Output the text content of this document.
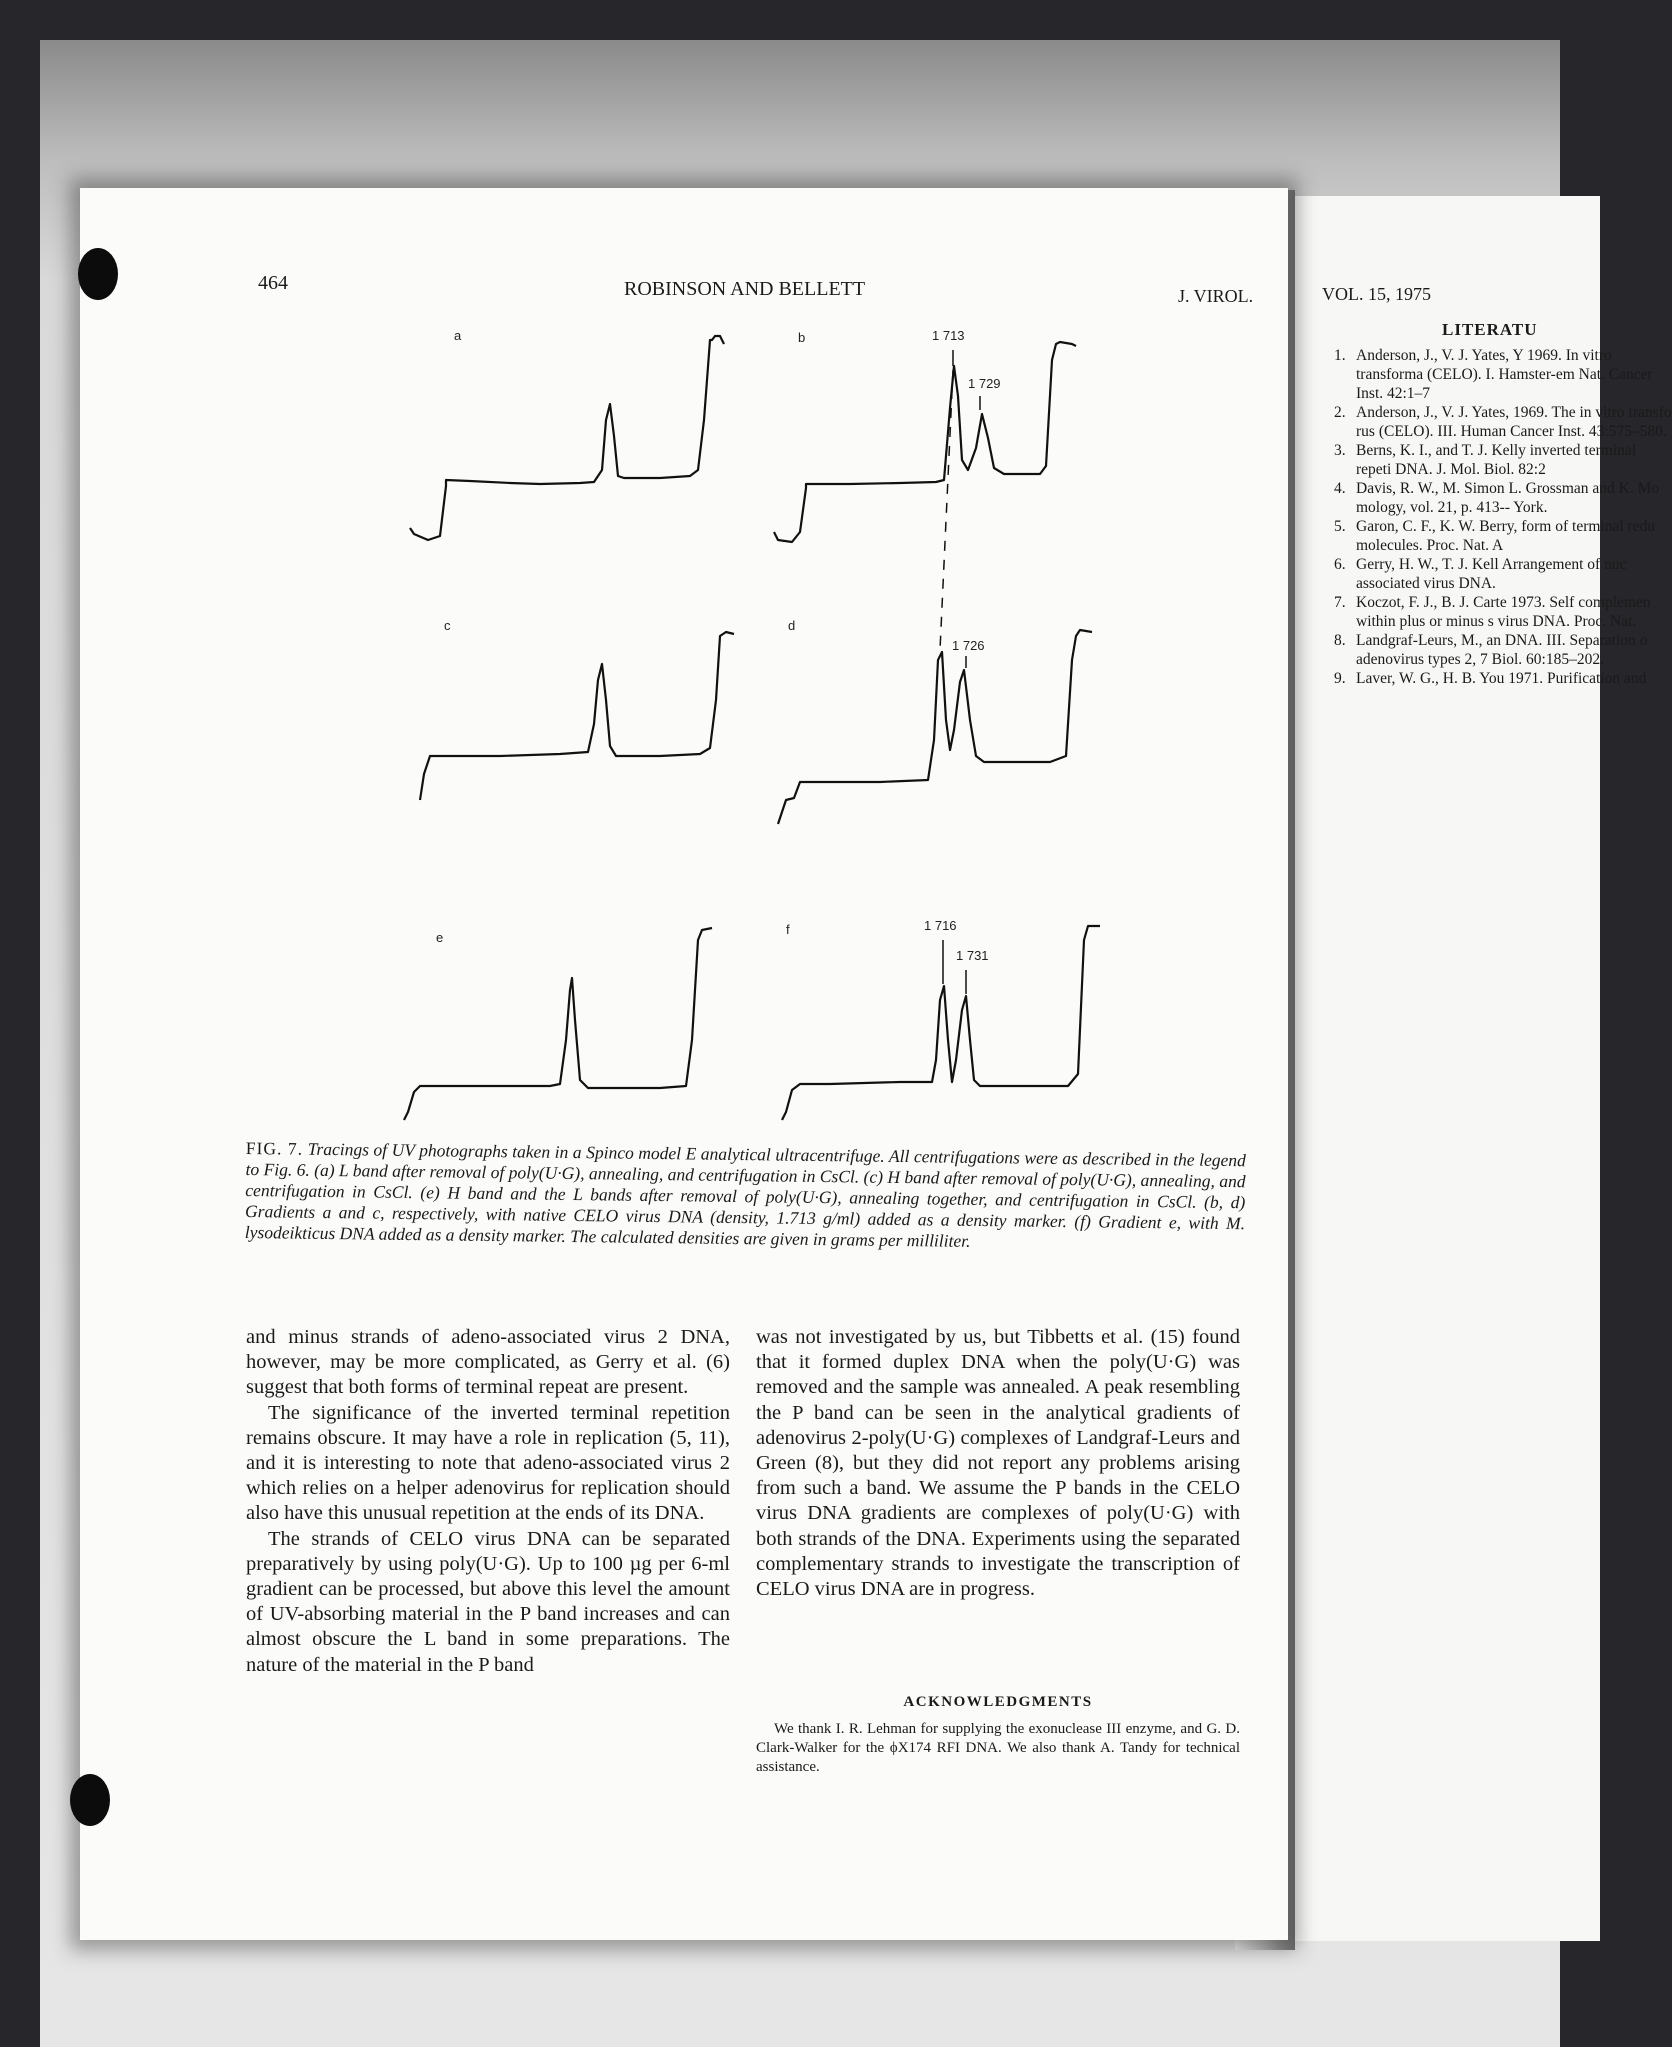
VOL. 15, 1975
LITERATU
1. Anderson, J., V. J. Yates, Y 1969. In vitro transforma (CELO). I. Hamster-em Nat. Cancer Inst. 42:1–7
2. Anderson, J., V. J. Yates, 1969. The in vitro transfo rus (CELO). III. Human Cancer Inst. 43:575–580.
3. Berns, K. I., and T. J. Kelly inverted terminal repeti DNA. J. Mol. Biol. 82:2
4. Davis, R. W., M. Simon L. Grossman and K. Mo mology, vol. 21, p. 413-- York.
5. Garon, C. F., K. W. Berry, form of terminal redu molecules. Proc. Nat. A
6. Gerry, H. W., T. J. Kell Arrangement of nuc associated virus DNA.
7. Koczot, F. J., B. J. Carte 1973. Self complemen within plus or minus s virus DNA. Proc. Nat.
8. Landgraf-Leurs, M., an DNA. III. Separation o adenovirus types 2, 7 Biol. 60:185–202.
9. Laver, W. G., H. B. You 1971. Purification and
464	ROBINSON AND BELLETT	J. VIROL.
a	b
c	d
e
f
1 713
1 729
1 726
1 716
1 731
FIG. 7. Tracings of UV photographs taken in a Spinco model E analytical ultracentrifuge. All centrifugations were as described in the legend to Fig. 6. (a) L band after removal of poly(U·G), annealing, and centrifugation in CsCl. (c) H band after removal of poly(U·G), annealing, and centrifugation in CsCl. (e) H band and the L bands after removal of poly(U·G), annealing together, and centrifugation in CsCl. (b, d) Gradients a and c, respectively, with native CELO virus DNA (density, 1.713 g/ml) added as a density marker. (f) Gradient e, with M. lysodeikticus DNA added as a density marker. The calculated densities are given in grams per milliliter.

and minus strands of adeno-associated virus 2 DNA, however, may be more complicated, as Gerry et al. (6) suggest that both forms of terminal repeat are present.

The significance of the inverted terminal repetition remains obscure. It may have a role in replication (5, 11), and it is interesting to note that adeno-associated virus 2 which relies on a helper adenovirus for replication should also have this unusual repetition at the ends of its DNA.

The strands of CELO virus DNA can be separated preparatively by using poly(U·G). Up to 100 µg per 6-ml gradient can be processed, but above this level the amount of UV-absorbing material in the P band increases and can almost obscure the L band in some preparations. The nature of the material in the P band

was not investigated by us, but Tibbetts et al. (15) found that it formed duplex DNA when the poly(U·G) was removed and the sample was annealed. A peak resembling the P band can be seen in the analytical gradients of adenovirus 2-poly(U·G) complexes of Landgraf-Leurs and Green (8), but they did not report any problems arising from such a band. We assume the P bands in the CELO virus DNA gradients are complexes of poly(U·G) with both strands of the DNA. Experiments using the separated complementary strands to investigate the transcription of CELO virus DNA are in progress.

ACKNOWLEDGMENTS
We thank I. R. Lehman for supplying the exonuclease III enzyme, and G. D. Clark-Walker for the ϕX174 RFI DNA. We also thank A. Tandy for technical assistance.
